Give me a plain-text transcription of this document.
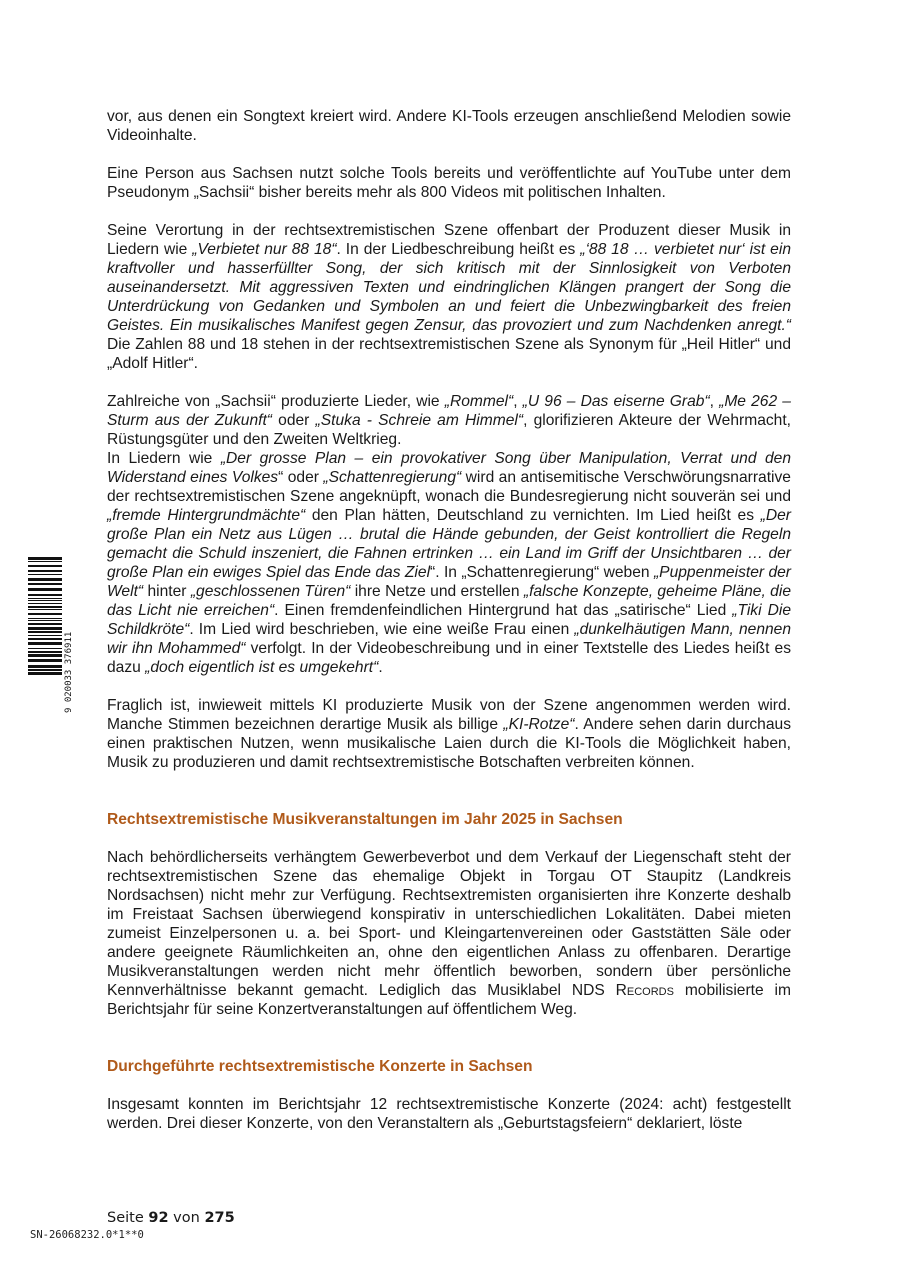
9 020033 376911

vor, aus denen ein Songtext kreiert wird. Andere KI-Tools erzeugen anschließend Melodien sowie Videoinhalte.

Eine Person aus Sachsen nutzt solche Tools bereits und veröffentlichte auf YouTube unter dem Pseudonym „Sachsii“ bisher bereits mehr als 800 Videos mit politischen Inhalten.

Seine Verortung in der rechtsextremistischen Szene offenbart der Produzent dieser Musik in Liedern wie „Verbietet nur 88 18“. In der Liedbeschreibung heißt es „‘88 18 … verbietet nur‘ ist ein kraftvoller und hasserfüllter Song, der sich kritisch mit der Sinnlosigkeit von Verboten auseinandersetzt. Mit aggressiven Texten und eindringlichen Klängen prangert der Song die Unterdrückung von Gedanken und Symbolen an und feiert die Unbezwingbarkeit des freien Geistes. Ein musikalisches Manifest gegen Zensur, das provoziert und zum Nachdenken anregt.“ Die Zahlen 88 und 18 stehen in der rechtsextremistischen Szene als Synonym für „Heil Hitler“ und „Adolf Hitler“.

Zahlreiche von „Sachsii“ produzierte Lieder, wie „Rommel“, „U 96 – Das eiserne Grab“, „Me 262 – Sturm aus der Zukunft“ oder „Stuka - Schreie am Himmel“, glorifizieren Akteure der Wehrmacht, Rüstungsgüter und den Zweiten Weltkrieg.

In Liedern wie „Der grosse Plan – ein provokativer Song über Manipulation, Verrat und den Widerstand eines Volkes“ oder „Schattenregierung“ wird an antisemitische Verschwörungsnarrative der rechtsextremistischen Szene angeknüpft, wonach die Bundesregierung nicht souverän sei und „fremde Hintergrundmächte“ den Plan hätten, Deutschland zu vernichten. Im Lied heißt es „Der große Plan ein Netz aus Lügen … brutal die Hände gebunden, der Geist kontrolliert die Regeln gemacht die Schuld inszeniert, die Fahnen ertrinken … ein Land im Griff der Unsichtbaren … der große Plan ein ewiges Spiel das Ende das Ziel“. In „Schattenregierung“ weben „Puppenmeister der Welt“ hinter „geschlossenen Türen“ ihre Netze und erstellen „falsche Konzepte, geheime Pläne, die das Licht nie erreichen“. Einen fremdenfeindlichen Hintergrund hat das „satirische“ Lied „Tiki Die Schildkröte“. Im Lied wird beschrieben, wie eine weiße Frau einen „dunkelhäutigen Mann, nennen wir ihn Mohammed“ verfolgt. In der Videobeschreibung und in einer Textstelle des Liedes heißt es dazu „doch eigentlich ist es umgekehrt“.

Fraglich ist, inwieweit mittels KI produzierte Musik von der Szene angenommen werden wird. Manche Stimmen bezeichnen derartige Musik als billige „KI-Rotze“. Andere sehen darin durchaus einen praktischen Nutzen, wenn musikalische Laien durch die KI-Tools die Möglichkeit haben, Musik zu produzieren und damit rechtsextremistische Botschaften verbreiten können.

Rechtsextremistische Musikveranstaltungen im Jahr 2025 in Sachsen

Nach behördlicherseits verhängtem Gewerbeverbot und dem Verkauf der Liegenschaft steht der rechtsextremistischen Szene das ehemalige Objekt in Torgau OT Staupitz (Landkreis Nordsachsen) nicht mehr zur Verfügung. Rechtsextremisten organisierten ihre Konzerte deshalb im Freistaat Sachsen überwiegend konspirativ in unterschiedlichen Lokalitäten. Dabei mieten zumeist Einzelpersonen u. a. bei Sport- und Kleingartenvereinen oder Gaststätten Säle oder andere geeignete Räumlichkeiten an, ohne den eigentlichen Anlass zu offenbaren. Derartige Musikveranstaltungen werden nicht mehr öffentlich beworben, sondern über persönliche Kennverhältnisse bekannt gemacht. Lediglich das Musiklabel NDS Records mobilisierte im Berichtsjahr für seine Konzertveranstaltungen auf öffentlichem Weg.

Durchgeführte rechtsextremistische Konzerte in Sachsen

Insgesamt konnten im Berichtsjahr 12 rechtsextremistische Konzerte (2024: acht) festgestellt werden. Drei dieser Konzerte, von den Veranstaltern als „Geburtstagsfeiern“ deklariert, löste

Seite 92 von 275
SN-26068232.0*1**0
